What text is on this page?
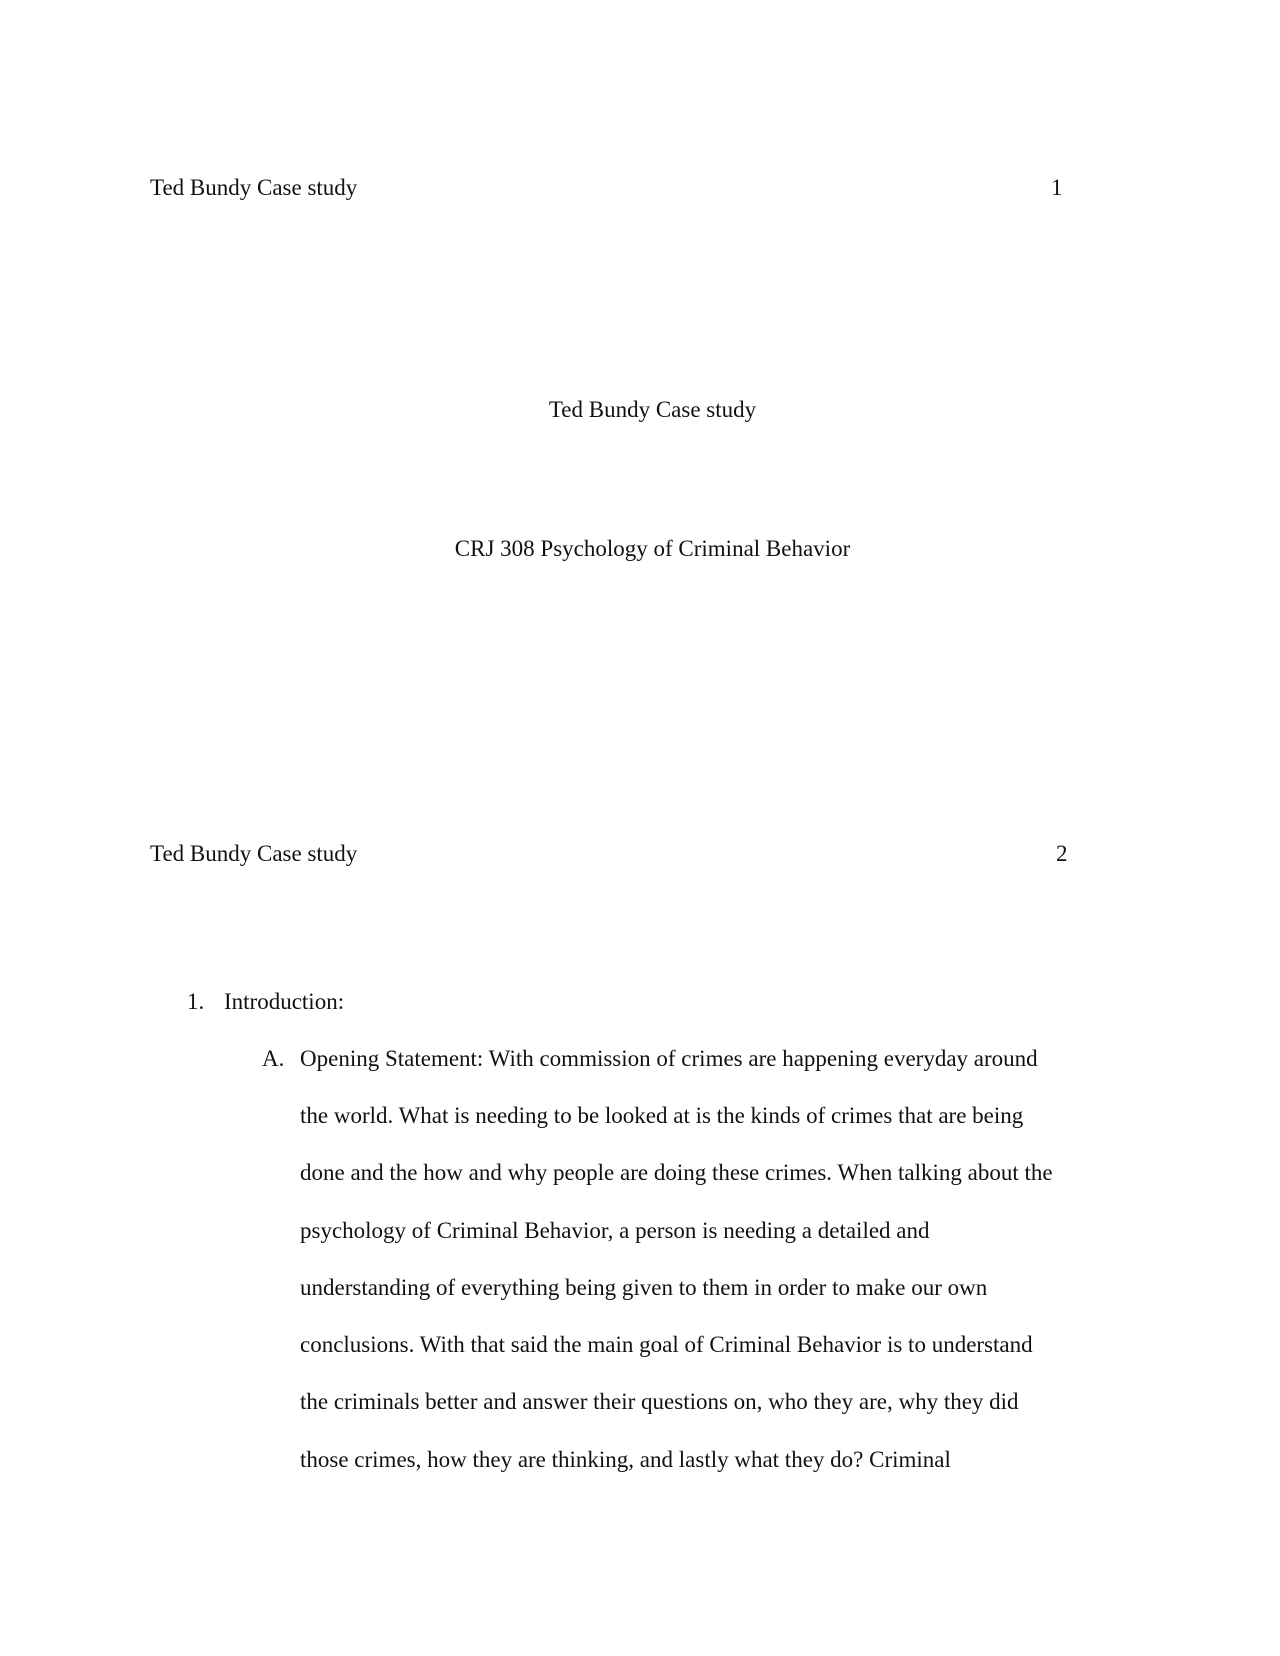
Ted Bundy Case study	1
Ted Bundy Case study
CRJ 308 Psychology of Criminal Behavior
Ted Bundy Case study	2
1. Introduction:
A. Opening Statement: With commission of crimes are happening everyday around
the world. What is needing to be looked at is the kinds of crimes that are being
done and the how and why people are doing these crimes. When talking about the
psychology of Criminal Behavior, a person is needing a detailed and
understanding of everything being given to them in order to make our own
conclusions. With that said the main goal of Criminal Behavior is to understand
the criminals better and answer their questions on, who they are, why they did
those crimes, how they are thinking, and lastly what they do? Criminal
